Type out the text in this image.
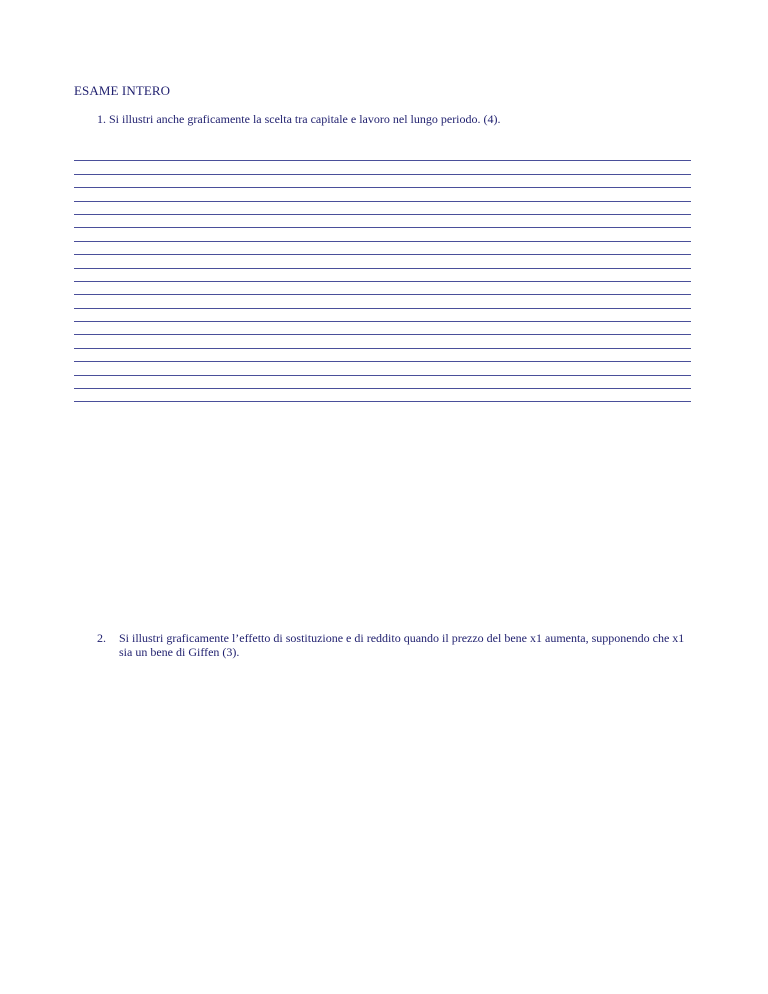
ESAME INTERO
1. Si illustri anche graficamente la scelta tra capitale e lavoro nel lungo periodo. (4).
2.	Si illustri graficamente l’effetto di sostituzione e di reddito quando il prezzo del bene x1 aumenta, supponendo che x1 sia un bene di Giffen (3).
